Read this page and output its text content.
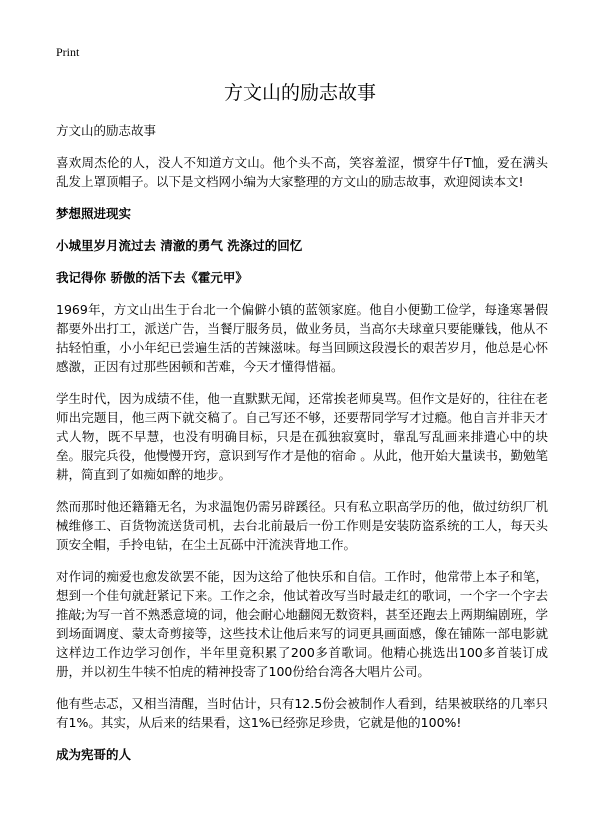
Print
方文山的励志故事

方文山的励志故事

喜欢周杰伦的人，没人不知道方文山。他个头不高，笑容羞涩，惯穿牛仔T恤，爱在满头乱发上罩顶帽子。以下是文档网小编为大家整理的方文山的励志故事，欢迎阅读本文!

梦想照进现实

小城里岁月流过去 清澈的勇气 洗涤过的回忆

我记得你 骄傲的活下去《霍元甲》

1969年，方文山出生于台北一个偏僻小镇的蓝领家庭。他自小便勤工俭学，每逢寒暑假都要外出打工，派送广告，当餐厅服务员，做业务员，当高尔夫球童只要能赚钱，他从不拈轻怕重，小小年纪已尝遍生活的苦辣滋味。每当回顾这段漫长的艰苦岁月，他总是心怀感激，正因有过那些困顿和苦难，今天才懂得惜福。

学生时代，因为成绩不佳，他一直默默无闻，还常挨老师臭骂。但作文是好的，往往在老师出完题目，他三两下就交稿了。自己写还不够，还要帮同学写才过瘾。他自言并非天才式人物，既不早慧，也没有明确目标，只是在孤独寂寞时，靠乱写乱画来排遣心中的块垒。服完兵役，他慢慢开窍，意识到写作才是他的宿命 。从此，他开始大量读书，勤勉笔耕，简直到了如痴如醉的地步。

然而那时他还籍籍无名，为求温饱仍需另辟蹊径。只有私立职高学历的他，做过纺织厂机械维修工、百货物流送货司机，去台北前最后一份工作则是安装防盗系统的工人，每天头顶安全帽，手拎电钻，在尘土瓦砾中汗流浃背地工作。

对作词的痴爱也愈发欲罢不能，因为这给了他快乐和自信。工作时，他常带上本子和笔，想到一个佳句就赶紧记下来。工作之余，他试着改写当时最走红的歌词，一个字一个字去推敲;为写一首不熟悉意境的词，他会耐心地翻阅无数资料，甚至还跑去上两期编剧班，学到场面调度、蒙太奇剪接等，这些技术让他后来写的词更具画面感，像在铺陈一部电影就这样边工作边学习创作，半年里竟积累了200多首歌词。他精心挑选出100多首装订成册，并以初生牛犊不怕虎的精神投寄了100份给台湾各大唱片公司。

他有些忐忑，又相当清醒，当时估计，只有12.5份会被制作人看到，结果被联络的几率只有1%。其实，从后来的结果看，这1%已经弥足珍贵，它就是他的100%!

成为宪哥的人
